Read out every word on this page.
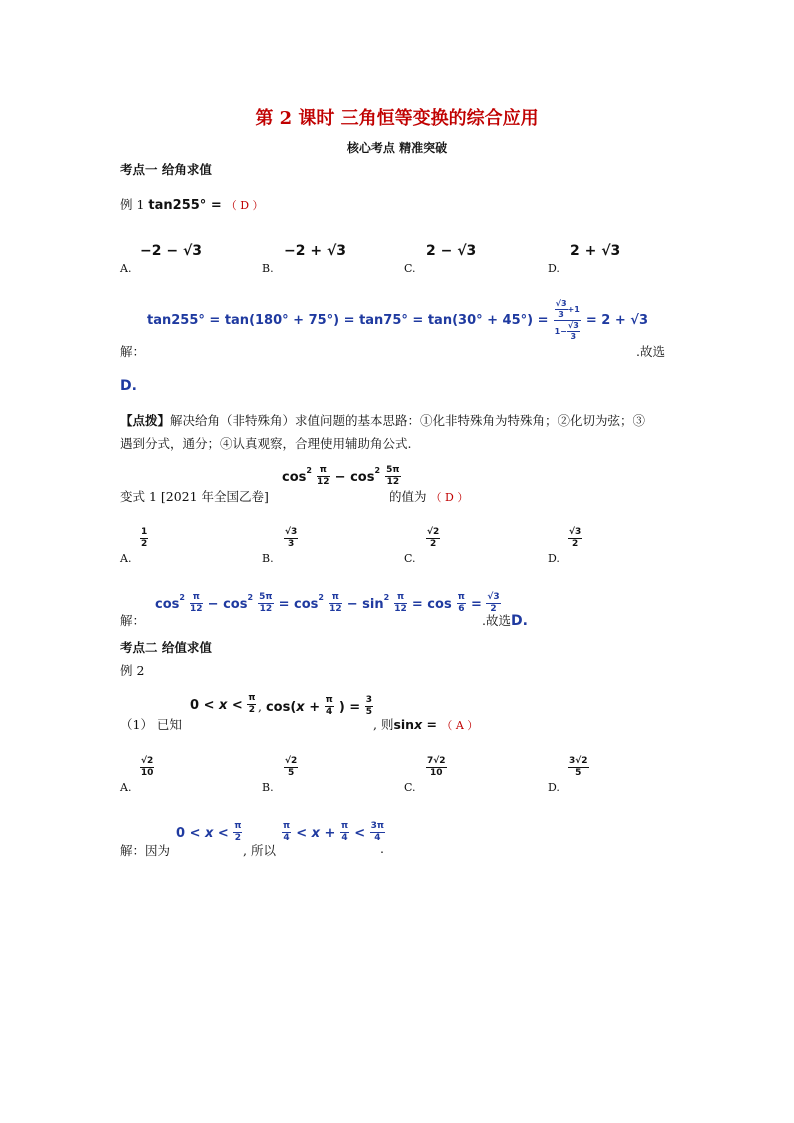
第 2 课时 三角恒等变换的综合应用
核心考点 精准突破
考点一 给角求值
例 1 tan255° = （ D ）
A.
−2 − √3
B.
−2 + √3
C.
2 − √3
D.
2 + √3
$\tan 255^\circ = \tan(180^\circ + 75^\circ) = \tan 75^\circ = \tan(30^\circ + 45^\circ) = \frac{\frac{√3}{3} +1}{1- \frac{√3}{3}} = 2 + √3$
解：	.故选
D.
【点拨】解决给角（非特殊角）求值问题的基本思路：①化非特殊角为特殊角；②化切为弦；③
遇到分式，通分；④认真观察，合理使用辅助角公式.
$\cos^2 \frac{\pi}{12} - \cos^2 \frac{5\pi}{12}$
变式 1 [2021 年全国乙卷]	的值为 （ D ）
A.
$\frac{1}{2}$
B.
$\frac{√3}{3}$
C.
$\frac{√2}{2}$
D.
$\frac{√3}{2}$
解：
$\cos^2 \frac{\pi}{12} - \cos^2 \frac{5\pi}{12} = \cos^2 \frac{\pi}{12} - \sin^2 \frac{\pi}{12} = \cos \frac{\pi}{6} = \frac{√3}{2}$
.故选D.
考点二 给值求值
例 2
$0 < x < \frac{\pi}{2}$
（1） 已知
, $\cos(x + \frac{\pi}{4}$ ) = $\frac{3}{5}$
, 则sinx = （ A ）
A.
$\frac{√2}{10}$
B.
$\frac{√2}{5}$
C.
$\frac{7√2}{10}$
D.
$\frac{3√2}{5}$
$0 < x < \frac{\pi}{2}$
解：因为	, 所以
$\frac{\pi}{4} < x + \frac{\pi}{4} < \frac{3\pi}{4}$
.
